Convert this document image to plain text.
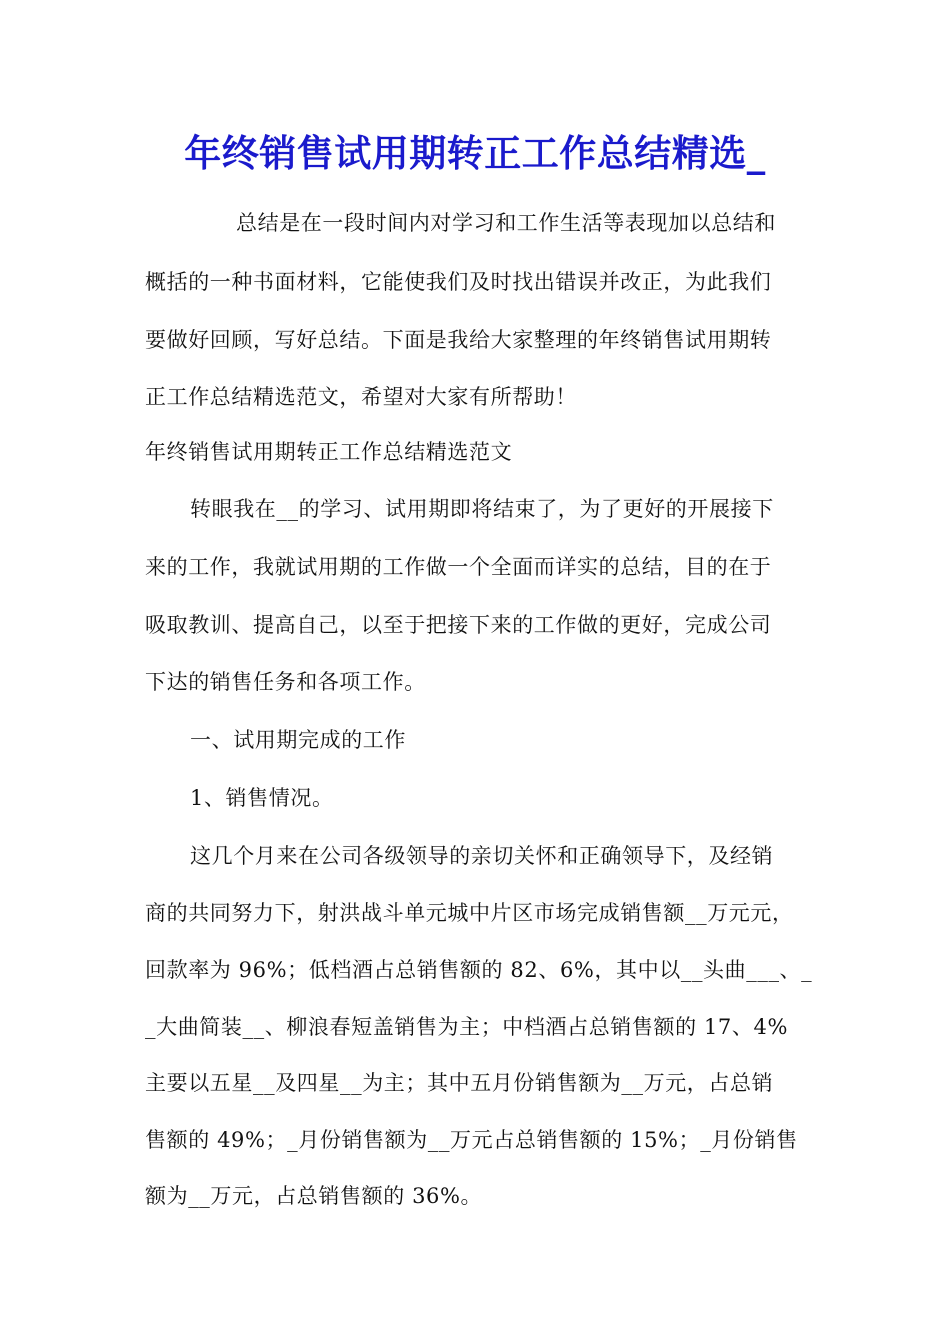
年终销售试用期转正工作总结精选_
总结是在一段时间内对学习和工作生活等表现加以总结和
概括的一种书面材料，它能使我们及时找出错误并改正，为此我们
要做好回顾，写好总结。下面是我给大家整理的年终销售试用期转
正工作总结精选范文，希望对大家有所帮助！
年终销售试用期转正工作总结精选范文
转眼我在__的学习、试用期即将结束了，为了更好的开展接下
来的工作，我就试用期的工作做一个全面而详实的总结，目的在于
吸取教训、提高自己，以至于把接下来的工作做的更好，完成公司
下达的销售任务和各项工作。
一、试用期完成的工作
1、销售情况。
这几个月来在公司各级领导的亲切关怀和正确领导下，及经销
商的共同努力下，射洪战斗单元城中片区市场完成销售额__万元元，
回款率为 96%；低档酒占总销售额的 82、6%，其中以__头曲___、_
_大曲简装__、柳浪春短盖销售为主；中档酒占总销售额的 17、4%
主要以五星__及四星__为主；其中五月份销售额为__万元，占总销
售额的 49%；_月份销售额为__万元占总销售额的 15%；_月份销售
额为__万元，占总销售额的 36%。
